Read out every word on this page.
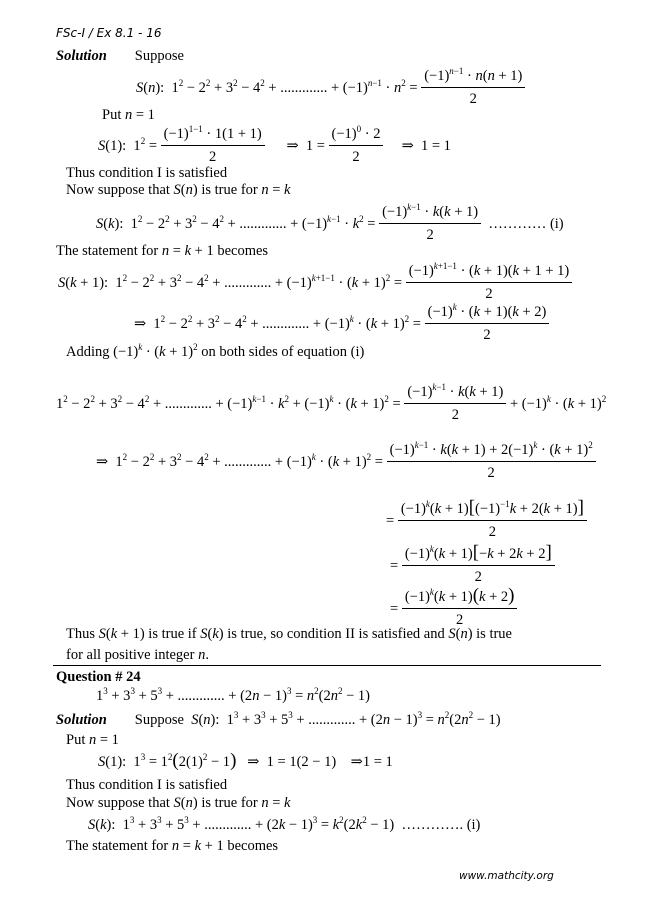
FSc-I / Ex 8.1 - 16
Solution Suppose
S(n):  $1^2 - 2^2 + 3^2 - 4^2$ + ............. + $(-1)^{n-1} \cdot n^2 = \frac{(-1)^{n-1} \cdot n(n + 1)}{2}$
Put n = 1
S(1):  $1^2 = \frac{(-1)^{1-1} \cdot 1(1 + 1)}{2}$ ⇒  $1 = \frac{(-1)^0 \cdot 2}{2}$ ⇒  1 = 1
Thus condition I is satisfied
Now suppose that S(n) is true for n = k
S(k):  $1^2 - 2^2 + 3^2 - 4^2$ + ............. + $(-1)^{k-1} \cdot k^2 = \frac{(-1)^{k-1} \cdot k(k + 1)}{2}$ ………… (i)
The statement for n = k + 1 becomes
S(k + 1):  $1^2 - 2^2 + 3^2 - 4^2$ + ............. + $(-1)^{k+1-1} \cdot (k + 1)^2 = \frac{(-1)^{k+1-1} \cdot (k + 1)(k + 1 + 1)}{2}$
⇒  $1^2 - 2^2 + 3^2 - 4^2$ + ............. + $(-1)^k \cdot (k + 1)^2 = \frac{(-1)^k \cdot (k + 1)(k + 2)}{2}$
Adding $(-1)^k \cdot (k + 1)^2$ on both sides of equation (i)
$1^2 - 2^2 + 3^2 - 4^2$ + ............. + $(-1)^{k-1} \cdot k^2 + (-1)^k \cdot (k + 1)^2 = \frac{(-1)^{k-1} \cdot k(k + 1)}{2} + (-1)^k \cdot (k + 1)^2$
⇒  $1^2 - 2^2 + 3^2 - 4^2$ + ............. + $(-1)^k \cdot (k + 1)^2 = \frac{(-1)^{k-1} \cdot k(k + 1) + 2(-1)^k \cdot (k + 1)^2}{2}$
= $\frac{(-1)^k(k + 1)[(-1)^{-1}k + 2(k + 1)]}{2}$
= $\frac{(-1)^k(k + 1)[-k + 2k + 2]}{2}$
= $\frac{(-1)^k(k + 1)(k + 2)}{2}$
Thus S(k + 1) is true if S(k) is true, so condition II is satisfied and S(n) is true
for all positive integer n.
Question # 24
$1^3 + 3^3 + 5^3$ + ............. + $(2n - 1)^3 = n^2(2n^2 - 1)$
Solution Suppose S(n):  $1^3 + 3^3 + 5^3$ + ............. + $(2n - 1)^3 = n^2(2n^2 - 1)$
Put n = 1
S(1):  $1^3 = 1^2(2(1)^2 - 1)$   ⇒  1 = 1(2 − 1)    ⇒1 = 1
Thus condition I is satisfied
Now suppose that S(n) is true for n = k
S(k):  $1^3 + 3^3 + 5^3$ + ............. + $(2k - 1)^3 = k^2(2k^2 - 1)$  …………. (i)
The statement for n = k + 1 becomes
www.mathcity.org
